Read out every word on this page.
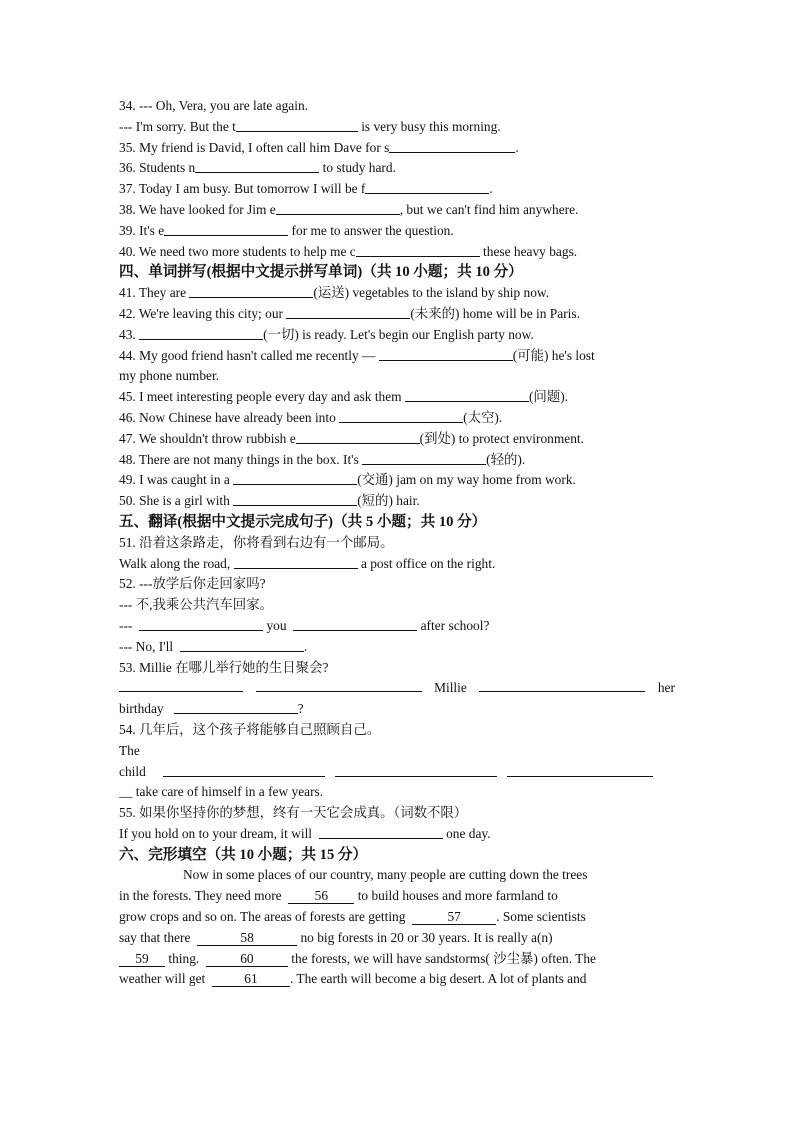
34. --- Oh, Vera, you are late again.
--- I'm sorry. But the t	is very busy this morning.
35. My friend is David, I often call him Dave for s	.
36. Students n	to study hard.
37. Today I am busy. But tomorrow I will be f	.
38. We have looked for Jim e	, but we can't find him anywhere.
39. It's e	for me to answer the question.
40. We need two more students to help me c	these heavy bags.
四、单词拼写(根据中文提示拼写单词)（共 10 小题；共 10 分）
41. They are	(运送) vegetables to the island by ship now.
42. We're leaving this city; our	(未来的) home will be in Paris.
43.	(一切) is ready. Let's begin our English party now.
44. My good friend hasn't called me recently —	(可能) he's lost
my phone number.
45. I meet interesting people every day and ask them	(问题).
46. Now Chinese have already been into	(太空).
47. We shouldn't throw rubbish e	(到处) to protect environment.
48. There are not many things in the box. It's	(轻的).
49. I was caught in a	(交通) jam on my way home from work.
50. She is a girl with	(短的) hair.
五、翻译(根据中文提示完成句子)（共 5 小题；共 10 分）
51. 沿着这条路走，你将看到右边有一个邮局。
Walk along the road,	a post office on the right.
52. ---放学后你走回家吗?
--- 不,我乘公共汽车回家。
---	you	after school?
--- No, I'll	.
53. Millie 在哪儿举行她的生日聚会?
Millie	her
birthday	?
54. 几年后，这个孩子将能够自己照顾自己。
The
child
__ take care of himself in a few years.
55. 如果你坚持你的梦想，终有一天它会成真。（词数不限）
If you hold on to your dream, it will	one day.
六、完形填空（共 10 小题；共 15 分）
Now in some places of our country, many people are cutting down the trees
in the forests. They need more 56 to build houses and more farmland to
grow crops and so on. The areas of forests are getting	57	. Some scientists
say that there	58	no big forests in 20 or 30 years. It is really a(n)
59 thing.	60	the forests, we will have sandstorms( 沙尘暴) often. The
weather will get	61 . The earth will become a big desert. A lot of plants and
